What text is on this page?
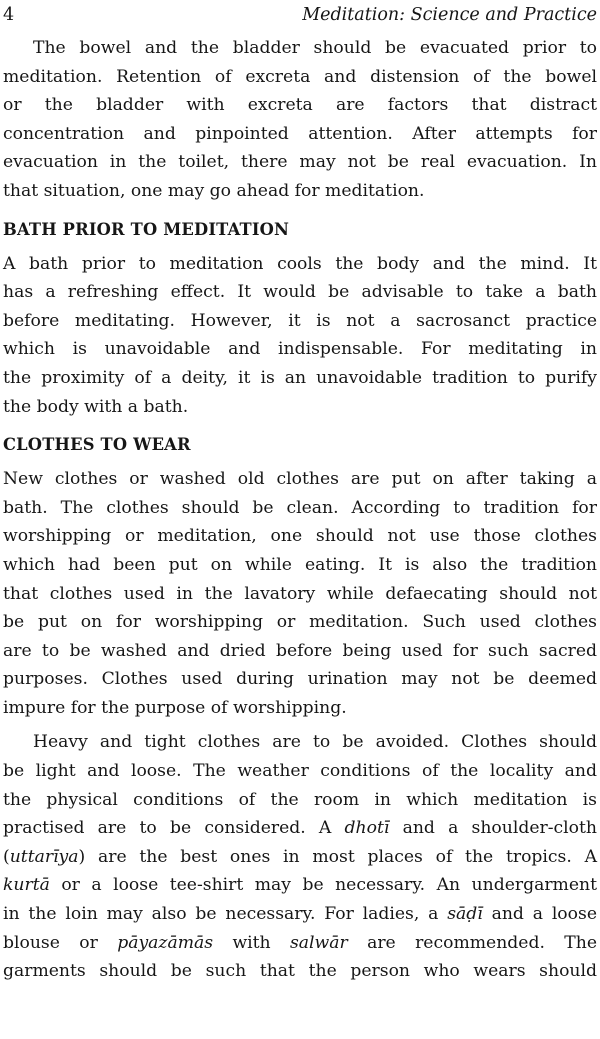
4	Meditation: Science and Practice

The bowel and the bladder should be evacuated prior to
meditation. Retention of excreta and distension of the bowel
or the bladder with excreta are factors that distract
concentration and pinpointed attention. After attempts for
evacuation in the toilet, there may not be real evacuation. In
that situation, one may go ahead for meditation.

BATH PRIOR TO MEDITATION

A bath prior to meditation cools the body and the mind. It
has a refreshing effect. It would be advisable to take a bath
before meditating. However, it is not a sacrosanct practice
which is unavoidable and indispensable. For meditating in
the proximity of a deity, it is an unavoidable tradition to purify
the body with a bath.

CLOTHES TO WEAR

New clothes or washed old clothes are put on after taking a
bath. The clothes should be clean. According to tradition for
worshipping or meditation, one should not use those clothes
which had been put on while eating. It is also the tradition
that clothes used in the lavatory while defaecating should not
be put on for worshipping or meditation. Such used clothes
are to be washed and dried before being used for such sacred
purposes. Clothes used during urination may not be deemed
impure for the purpose of worshipping.

Heavy and tight clothes are to be avoided. Clothes should
be light and loose. The weather conditions of the locality and
the physical conditions of the room in which meditation is
practised are to be considered. A dhotī and a shoulder-cloth
(uttarīya) are the best ones in most places of the tropics. A
kurtā or a loose tee-shirt may be necessary. An undergarment
in the loin may also be necessary. For ladies, a sāḍī and a loose
blouse or pāyazāmās with salwār are recommended. The
garments should be such that the person who wears should
